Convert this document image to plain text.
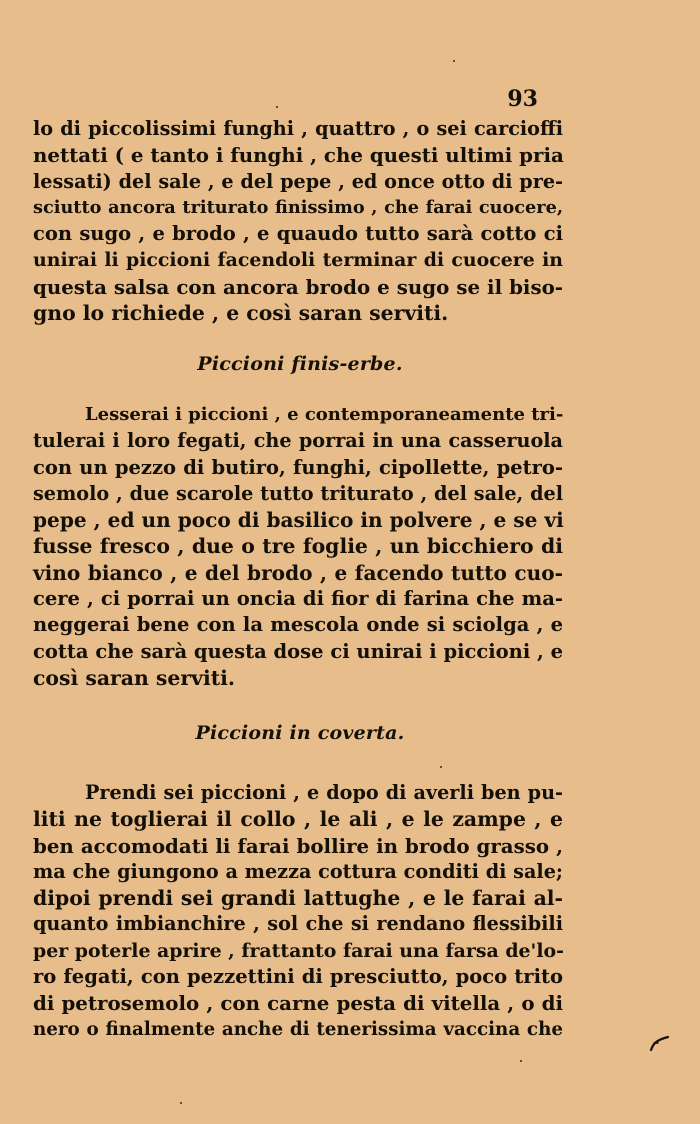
93
lo di piccolissimi funghi , quattro , o sei carcioffi
nettati ( e tanto i funghi , che questi ultimi pria
lessati) del sale , e del pepe , ed once otto di pre-
sciutto ancora triturato finissimo , che farai cuocere,
con sugo , e brodo , e quaudo tutto sarà cotto ci
unirai li piccioni facendoli terminar di cuocere in
questa salsa con ancora brodo e sugo se il biso-
gno lo richiede , e così saran serviti.
Piccioni finis-erbe.
Lesserai i piccioni , e contemporaneamente tri-
tulerai i loro fegati, che porrai in una casseruola
con un pezzo di butiro, funghi, cipollette, petro-
semolo , due scarole tutto triturato , del sale, del
pepe , ed un poco di basilico in polvere , e se vi
fusse fresco , due o tre foglie , un bicchiero di
vino bianco , e del brodo , e facendo tutto cuo-
cere , ci porrai un oncia di fior di farina che ma-
neggerai bene con la mescola onde si sciolga , e
cotta che sarà questa dose ci unirai i piccioni , e
così saran serviti.
Piccioni in coverta.
Prendi sei piccioni , e dopo di averli ben pu-
liti ne toglierai il collo , le ali , e le zampe , e
ben accomodati li farai bollire in brodo grasso ,
ma che giungono a mezza cottura conditi di sale;
dipoi prendi sei grandi lattughe , e le farai al-
quanto imbianchire , sol che si rendano flessibili
per poterle aprire , frattanto farai una farsa de'lo-
ro fegati, con pezzettini di presciutto, poco trito
di petrosemolo , con carne pesta di vitella , o di
nero o finalmente anche di tenerissima vaccina che
